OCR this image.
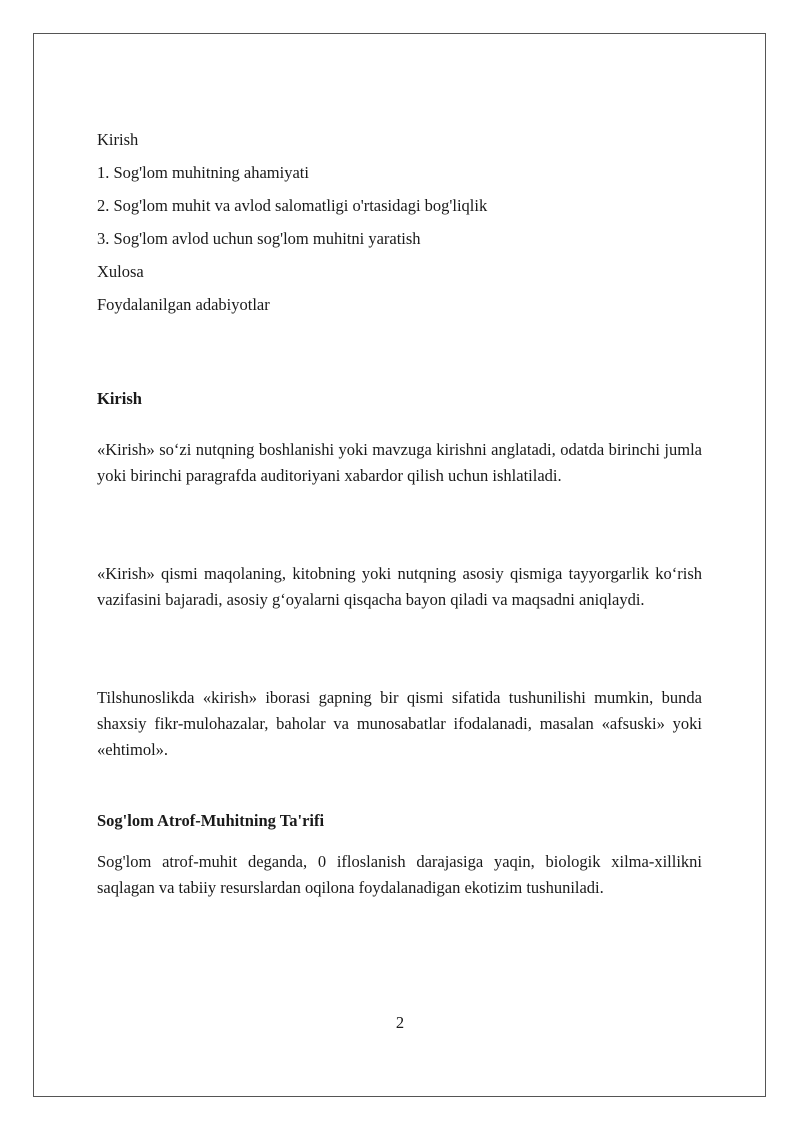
Kirish

1. Sog'lom muhitning ahamiyati

2. Sog'lom muhit va avlod salomatligi o'rtasidagi bog'liqlik

3. Sog'lom avlod uchun sog'lom muhitni yaratish

Xulosa

Foydalanilgan adabiyotlar

Kirish

«Kirish» so‘zi nutqning boshlanishi yoki mavzuga kirishni anglatadi, odatda birinchi jumla yoki birinchi paragrafda auditoriyani xabardor qilish uchun ishlatiladi.

«Kirish» qismi maqolaning, kitobning yoki nutqning asosiy qismiga tayyorgarlik ko‘rish vazifasini bajaradi, asosiy g‘oyalarni qisqacha bayon qiladi va maqsadni aniqlaydi.

Tilshunoslikda «kirish» iborasi gapning bir qismi sifatida tushunilishi mumkin, bunda shaxsiy fikr-mulohazalar, baholar va munosabatlar ifodalanadi, masalan «afsuski» yoki «ehtimol».

Sog'lom Atrof-Muhitning Ta'rifi

Sog'lom atrof-muhit deganda, 0 ifloslanish darajasiga yaqin, biologik xilma-xillikni saqlagan va tabiiy resurslardan oqilona foydalanadigan ekotizim tushuniladi.

2
